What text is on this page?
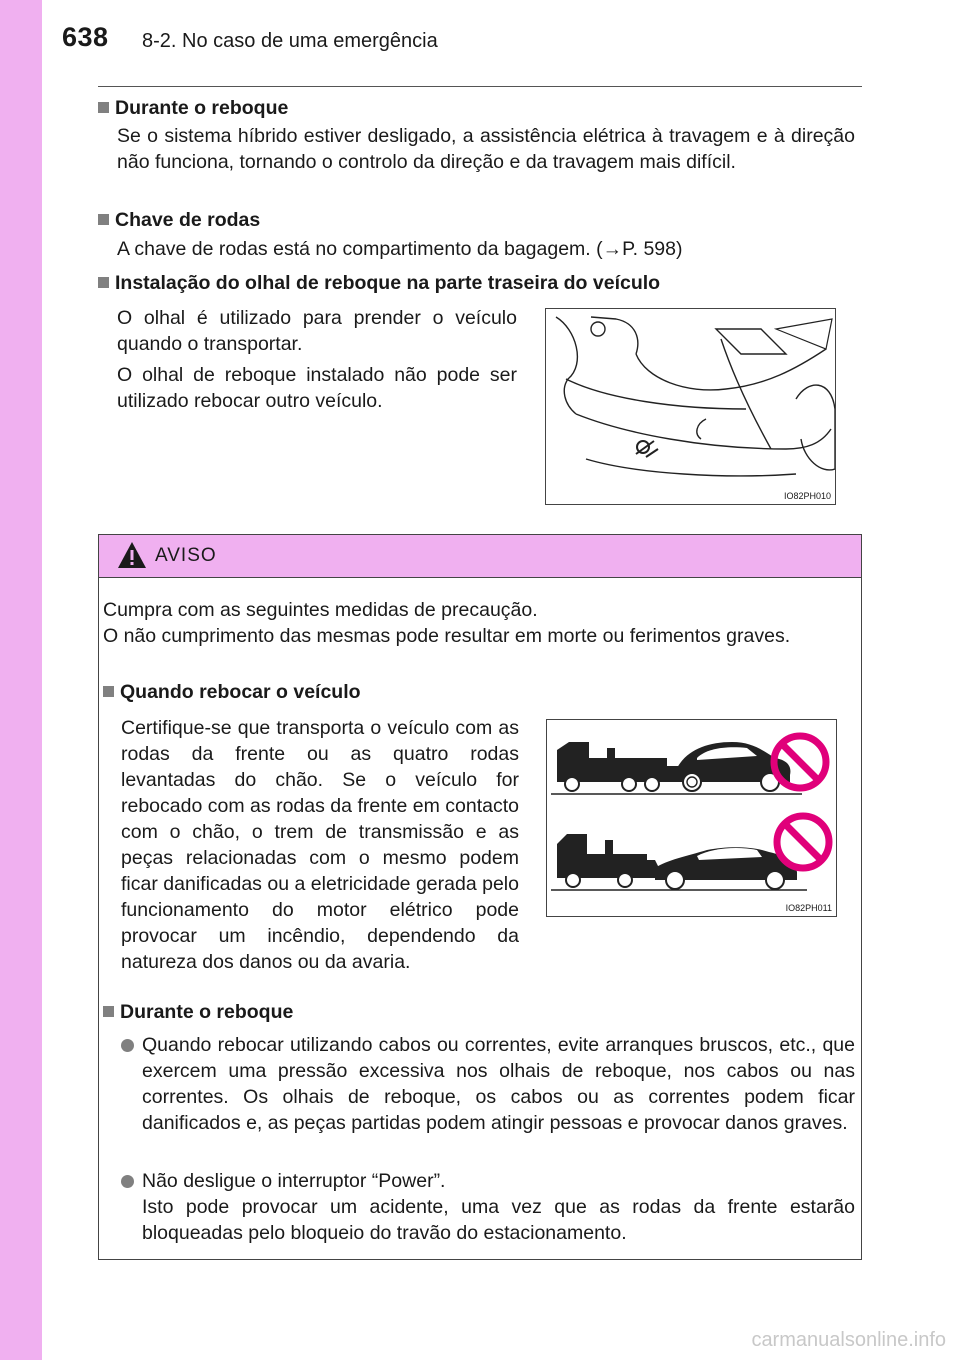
638 8-2. No caso de uma emergência
Durante o reboque
Se o sistema híbrido estiver desligado, a assistência elétrica à travagem e à direção não funciona, tornando o controlo da direção e da travagem mais difícil.
Chave de rodas
A chave de rodas está no compartimento da bagagem. (→P. 598)
Instalação do olhal de reboque na parte traseira do veículo
O olhal é utilizado para prender o veículo quando o transportar.
O olhal de reboque instalado não pode ser utilizado rebocar outro veículo.
IO82PH010
AVISO
Cumpra com as seguintes medidas de precaução.
O não cumprimento das mesmas pode resultar em morte ou ferimentos graves.
Quando rebocar o veículo
Certifique-se que transporta o veículo com as rodas da frente ou as quatro rodas levantadas do chão. Se o veículo for rebocado com as rodas da frente em contacto com o chão, o trem de transmissão e as peças relacionadas com o mesmo podem ficar danificadas ou a eletricidade gerada pelo funcionamento do motor elétrico pode provocar um incêndio, dependendo da natureza dos danos ou da avaria.
IO82PH011
Durante o reboque
Quando rebocar utilizando cabos ou correntes, evite arranques bruscos, etc., que exercem uma pressão excessiva nos olhais de reboque, nos cabos ou nas correntes. Os olhais de reboque, os cabos ou as correntes podem ficar danificados e, as peças partidas podem atingir pessoas e provocar danos graves.
Não desligue o interruptor “Power”.
Isto pode provocar um acidente, uma vez que as rodas da frente estarão bloqueadas pelo bloqueio do travão do estacionamento.
carmanualsonline.info
